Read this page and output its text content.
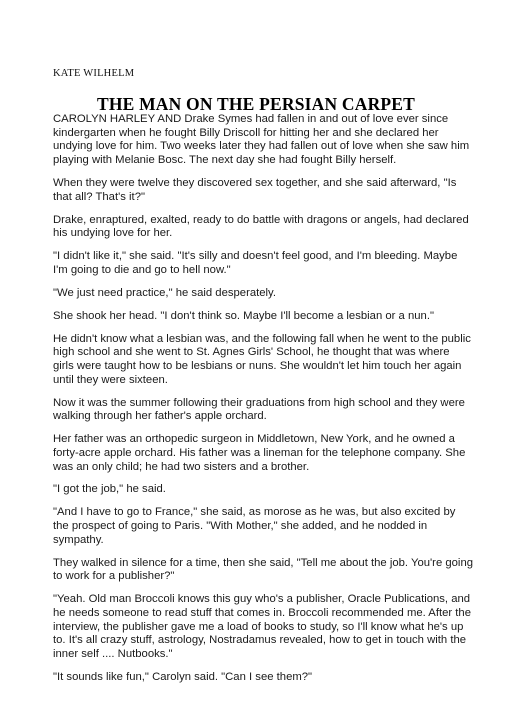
KATE WILHELM
THE MAN ON THE PERSIAN CARPET

CAROLYN HARLEY AND Drake Symes had fallen in and out of love ever since kindergarten when he fought Billy Driscoll for hitting her and she declared her undying love for him. Two weeks later they had fallen out of love when she saw him playing with Melanie Bosc. The next day she had fought Billy herself.

When they were twelve they discovered sex together, and she said afterward, "Is that all? That's it?"

Drake, enraptured, exalted, ready to do battle with dragons or angels, had declared his undying love for her.

"I didn't like it," she said. "It's silly and doesn't feel good, and I'm bleeding. Maybe I'm going to die and go to hell now."

"We just need practice," he said desperately.

She shook her head. "I don't think so. Maybe I'll become a lesbian or a nun."

He didn't know what a lesbian was, and the following fall when he went to the public high school and she went to St. Agnes Girls' School, he thought that was where girls were taught how to be lesbians or nuns. She wouldn't let him touch her again until they were sixteen.

Now it was the summer following their graduations from high school and they were walking through her father's apple orchard.

Her father was an orthopedic surgeon in Middletown, New York, and he owned a forty-acre apple orchard. His father was a lineman for the telephone company. She was an only child; he had two sisters and a brother.

"I got the job," he said.

"And I have to go to France," she said, as morose as he was, but also excited by the prospect of going to Paris. "With Mother," she added, and he nodded in sympathy.

They walked in silence for a time, then she said, "Tell me about the job. You're going to work for a publisher?"

"Yeah. Old man Broccoli knows this guy who's a publisher, Oracle Publications, and he needs someone to read stuff that comes in. Broccoli recommended me. After the interview, the publisher gave me a load of books to study, so I'll know what he's up to. It's all crazy stuff, astrology, Nostradamus revealed, how to get in touch with the inner self .... Nutbooks."

"It sounds like fun," Carolyn said. "Can I see them?"
